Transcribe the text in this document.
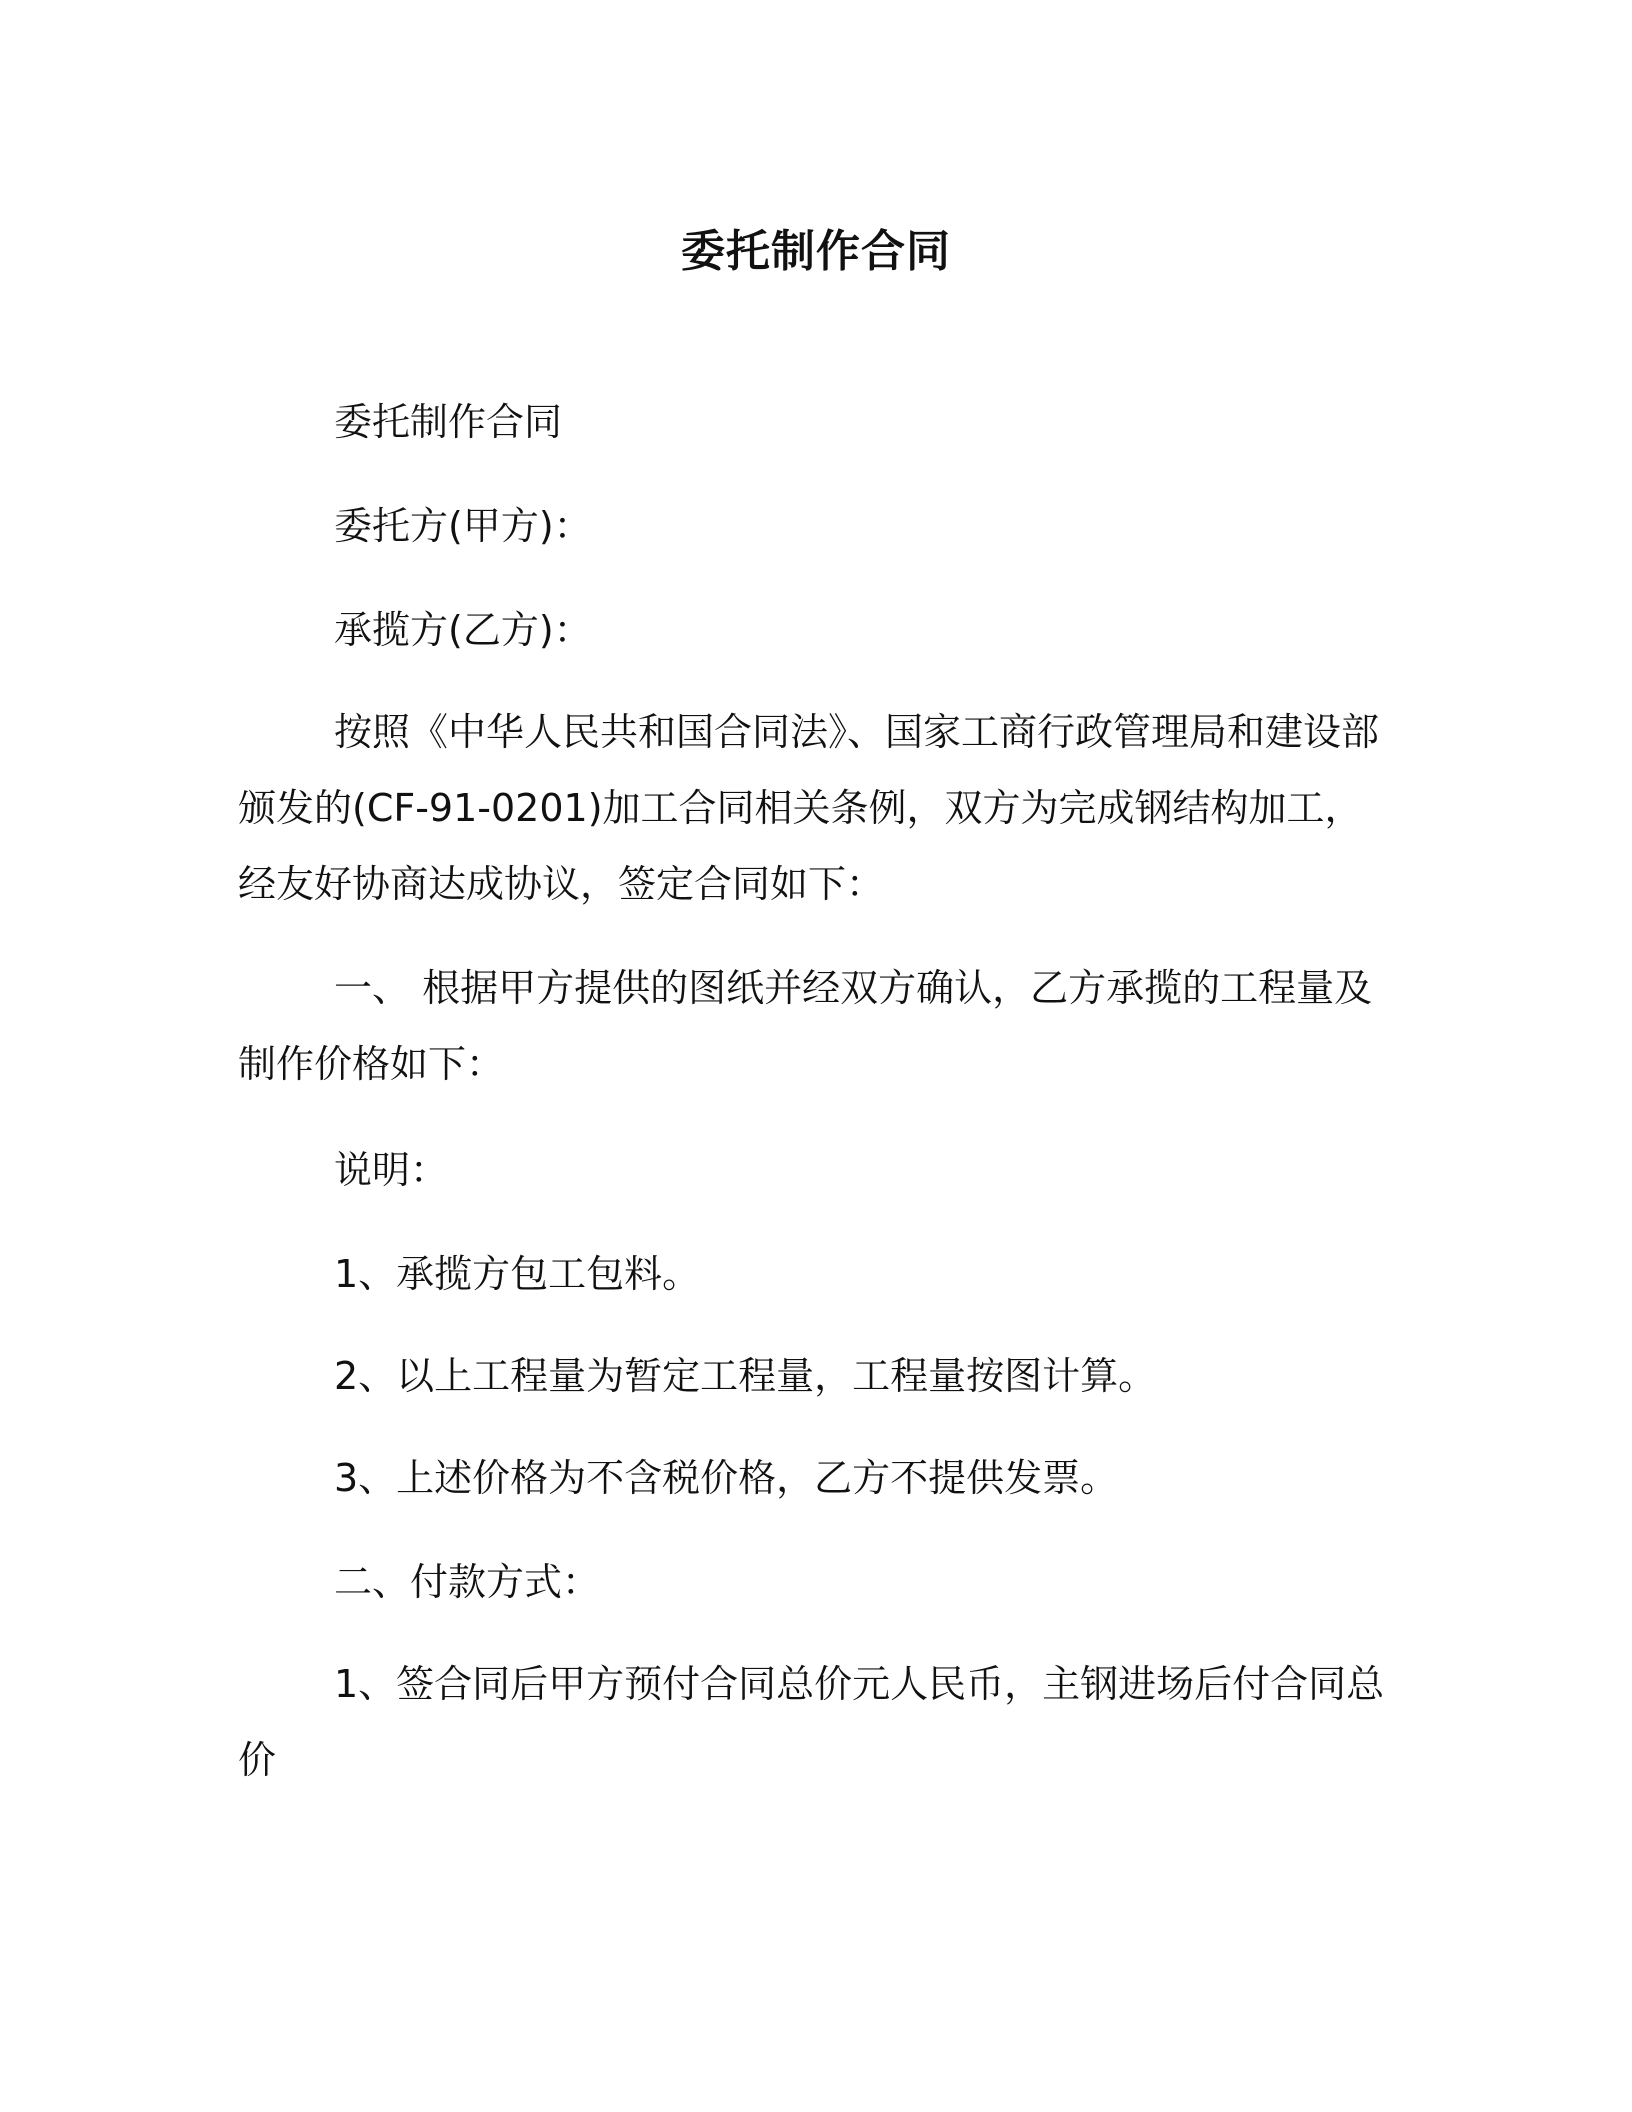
委托制作合同
委托制作合同
委托方(甲方)：
承揽方(乙方)：
按照《中华人民共和国合同法》、国家工商行政管理局和建设部颁发的(CF-91-0201)加工合同相关条例，双方为完成钢结构加工，经友好协商达成协议，签定合同如下：
一、 根据甲方提供的图纸并经双方确认，乙方承揽的工程量及制作价格如下：
说明：
1、承揽方包工包料。
2、以上工程量为暂定工程量，工程量按图计算。
3、上述价格为不含税价格，乙方不提供发票。
二、付款方式：
1、签合同后甲方预付合同总价元人民币，主钢进场后付合同总价
